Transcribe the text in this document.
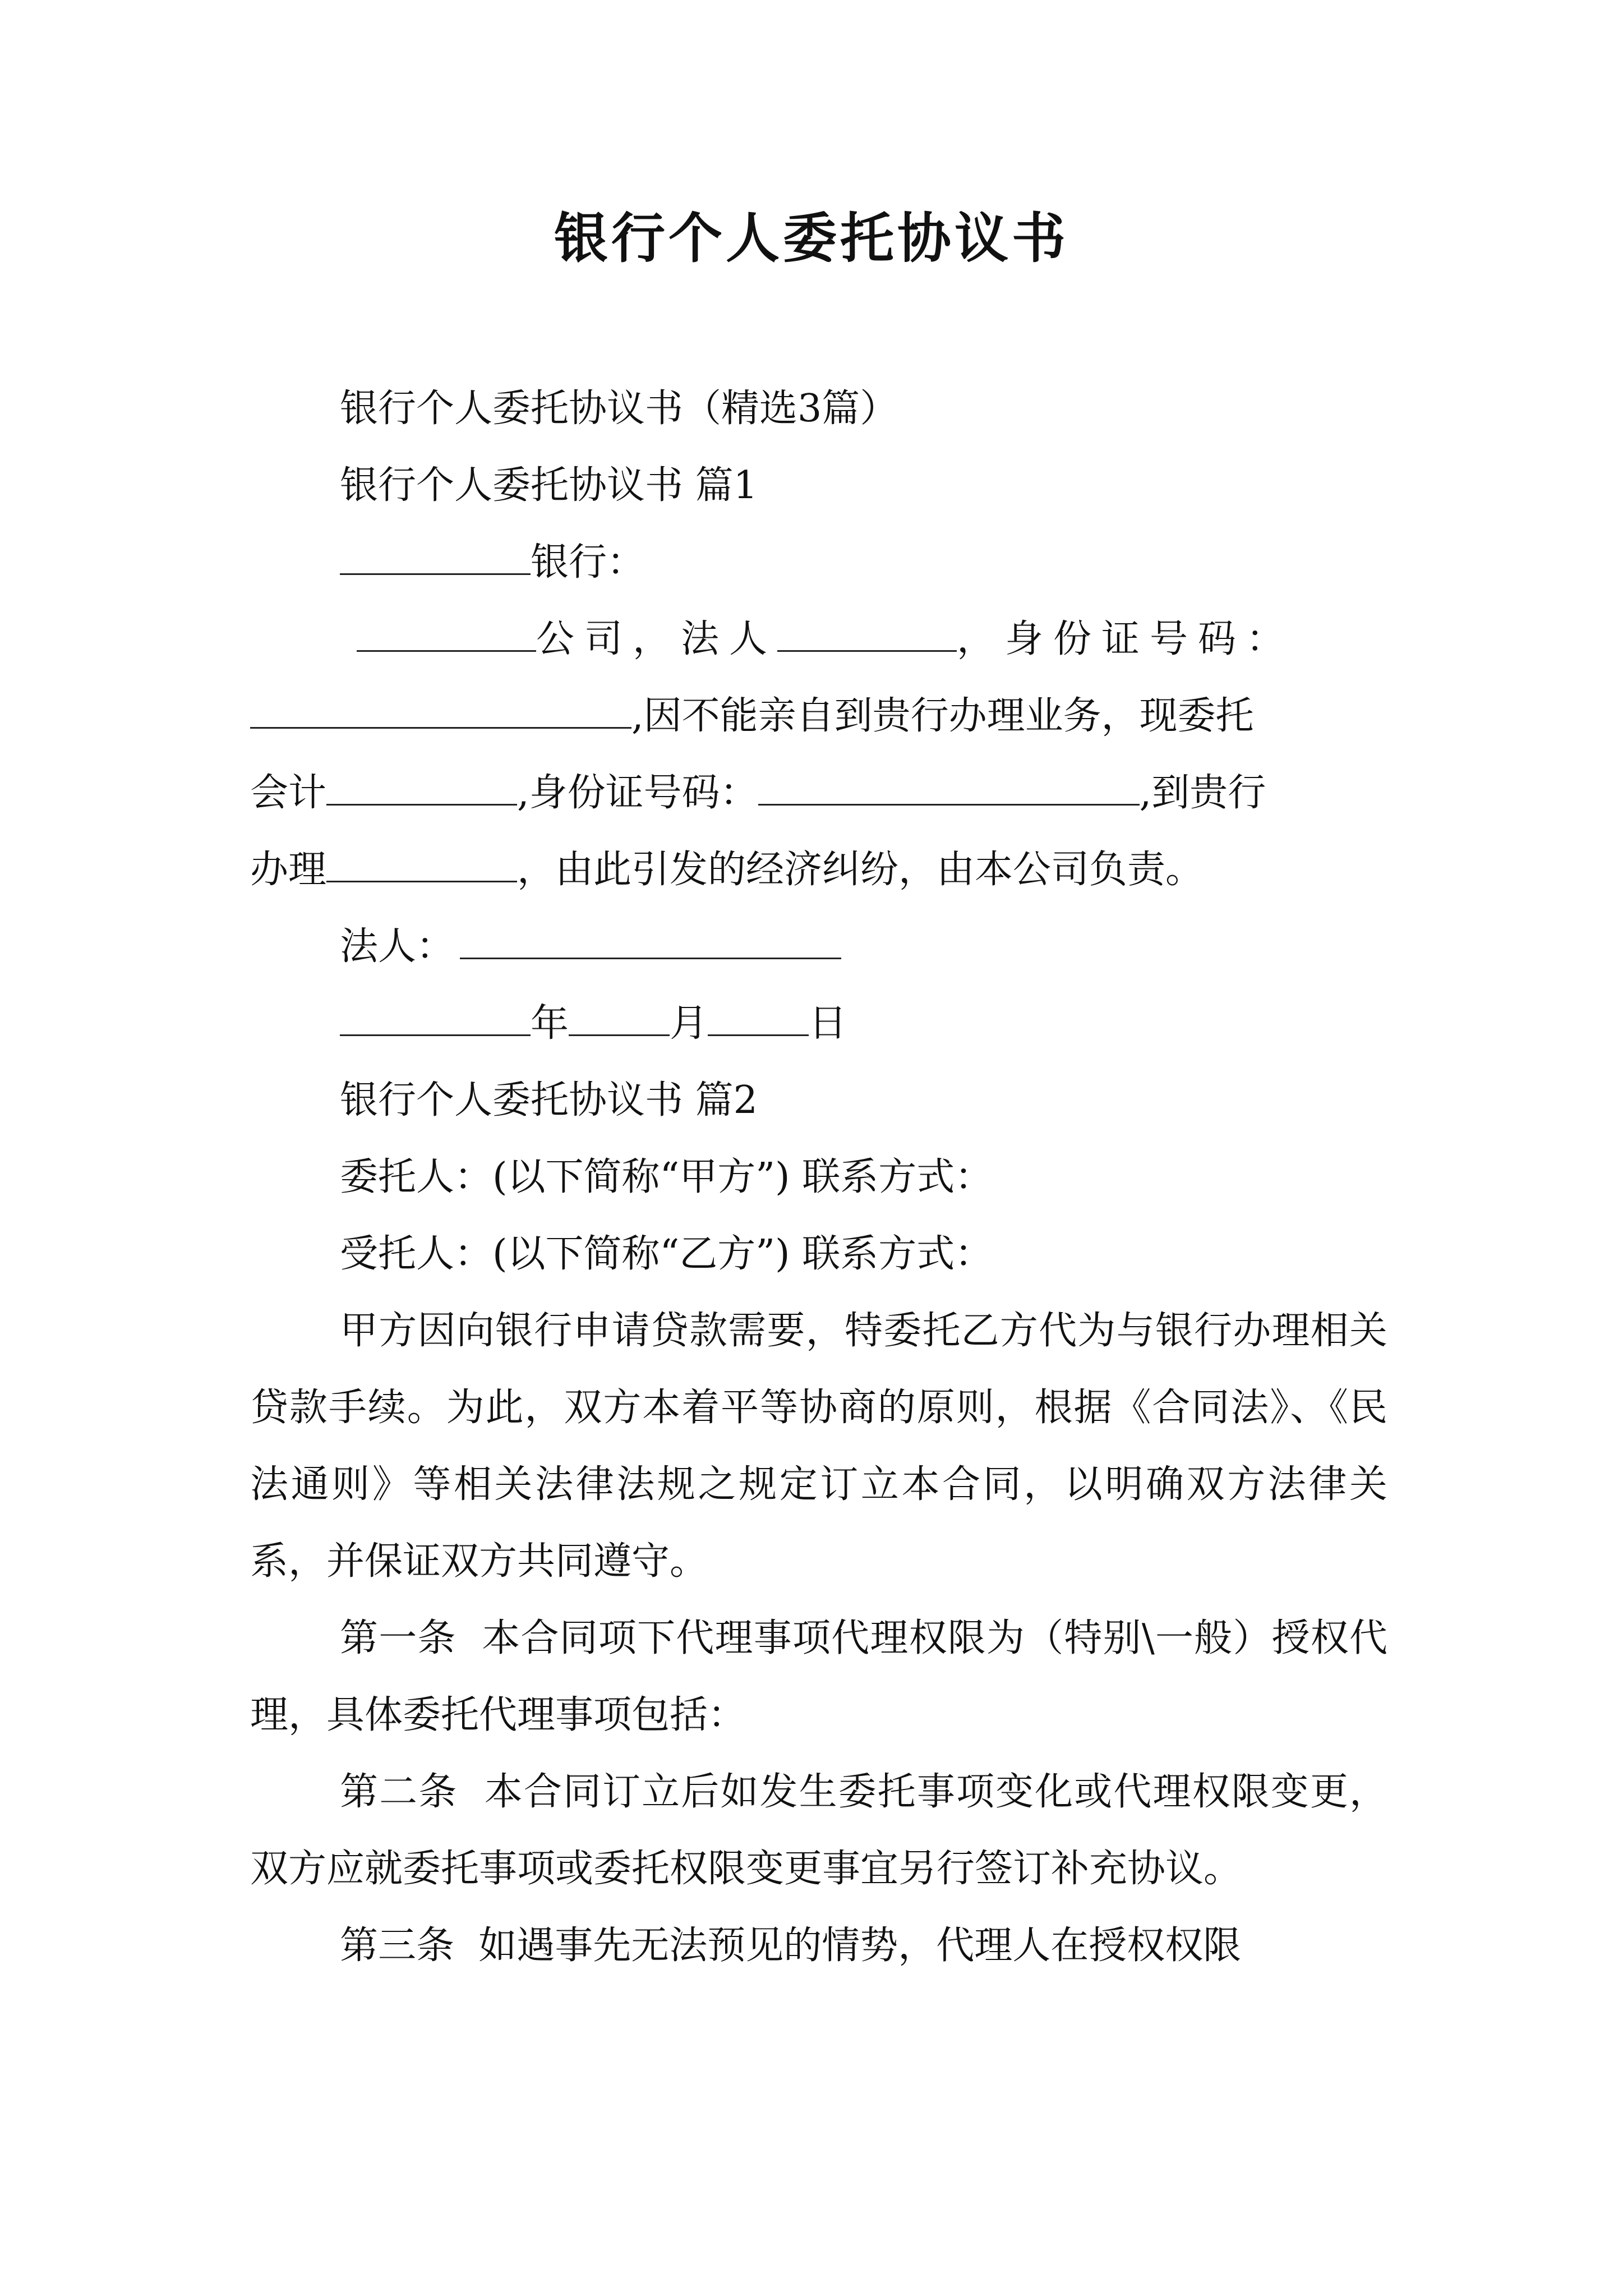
银行个人委托协议书
银行个人委托协议书（精选3篇）
银行个人委托协议书 篇1
银行：
公司，法人	，身份证号码：
,因不能亲自到贵行办理业务，现委托
会计	,身份证号码：	,到贵行
办理	，由此引发的经济纠纷，由本公司负责。
法人：
年	月	日
银行个人委托协议书 篇2
委托人：(以下简称“甲方”) 联系方式：
受托人：(以下简称“乙方”) 联系方式：

甲方因向银行申请贷款需要，特委托乙方代为与银行办理相关贷款手续。为此，双方本着平等协商的原则，根据《合同法》、《民法通则》等相关法律法规之规定订立本合同，以明确双方法律关系，并保证双方共同遵守。

第一条  本合同项下代理事项代理权限为（特别\一般）授权代理，具体委托代理事项包括：

第二条  本合同订立后如发生委托事项变化或代理权限变更，双方应就委托事项或委托权限变更事宜另行签订补充协议。

第三条  如遇事先无法预见的情势，代理人在授权权限
